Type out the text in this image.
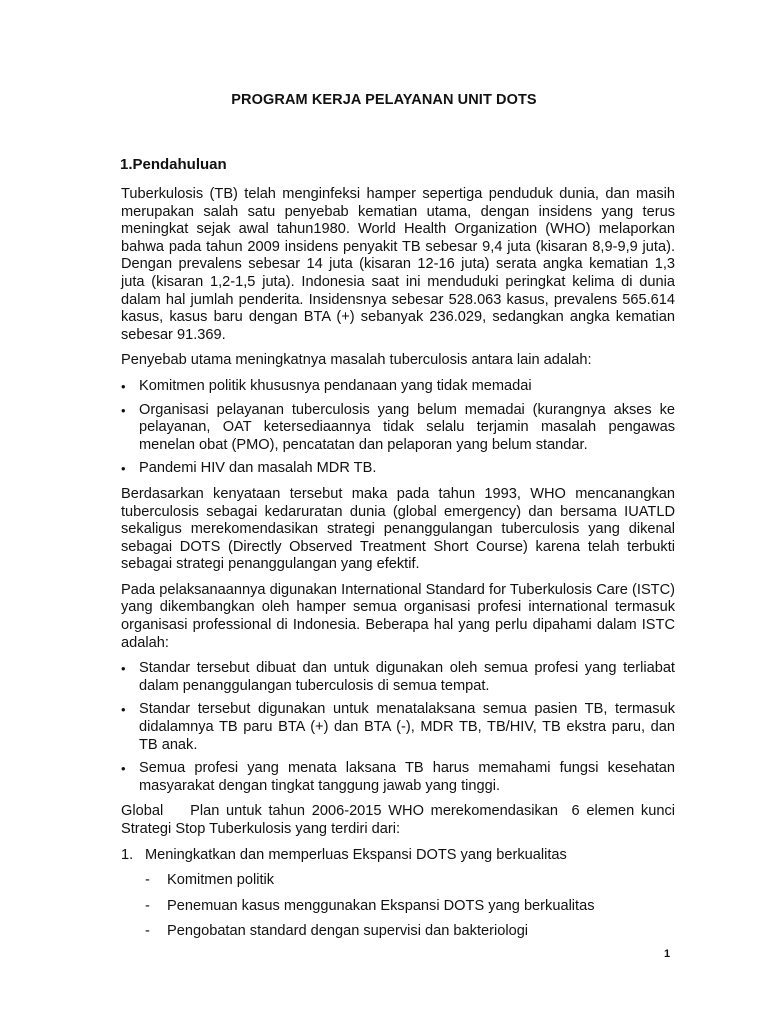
PROGRAM KERJA PELAYANAN UNIT DOTS
1.Pendahuluan

Tuberkulosis (TB) telah menginfeksi hamper sepertiga penduduk dunia, dan masih merupakan salah satu penyebab kematian utama, dengan insidens yang terus meningkat sejak awal tahun1980. World Health Organization (WHO) melaporkan bahwa pada tahun 2009 insidens penyakit TB sebesar 9,4 juta (kisaran 8,9-9,9 juta). Dengan prevalens sebesar 14 juta (kisaran 12-16 juta) serata angka kematian 1,3 juta (kisaran 1,2-1,5 juta). Indonesia saat ini menduduki peringkat kelima di dunia dalam hal jumlah penderita. Insidensnya sebesar 528.063 kasus, prevalens 565.614 kasus, kasus baru dengan BTA (+) sebanyak 236.029, sedangkan angka kematian sebesar 91.369.

Penyebab utama meningkatnya masalah tuberculosis antara lain adalah:

• Komitmen politik khususnya pendanaan yang tidak memadai
• Organisasi pelayanan tuberculosis yang belum memadai (kurangnya akses ke pelayanan, OAT ketersediaannya tidak selalu terjamin masalah pengawas menelan obat (PMO), pencatatan dan pelaporan yang belum standar.
• Pandemi HIV dan masalah MDR TB.

Berdasarkan kenyataan tersebut maka pada tahun 1993, WHO mencanangkan tuberculosis sebagai kedaruratan dunia (global emergency) dan bersama IUATLD sekaligus merekomendasikan strategi penanggulangan tuberculosis yang dikenal sebagai DOTS (Directly Observed Treatment Short Course) karena telah terbukti sebagai strategi penanggulangan yang efektif.

Pada pelaksanaannya digunakan International Standard for Tuberkulosis Care (ISTC) yang dikembangkan oleh hamper semua organisasi profesi international termasuk organisasi professional di Indonesia. Beberapa hal yang perlu dipahami dalam ISTC adalah:

• Standar tersebut dibuat dan untuk digunakan oleh semua profesi yang terliabat dalam penanggulangan tuberculosis di semua tempat.
• Standar tersebut digunakan untuk menatalaksana semua pasien TB, termasuk didalamnya TB paru BTA (+) dan BTA (-), MDR TB, TB/HIV, TB ekstra paru, dan TB anak.
• Semua profesi yang menata laksana TB harus memahami fungsi kesehatan masyarakat dengan tingkat tanggung jawab yang tinggi.

Global    Plan untuk tahun 2006-2015 WHO merekomendasikan  6 elemen kunci Strategi Stop Tuberkulosis yang terdiri dari:

1. Meningkatkan dan memperluas Ekspansi DOTS yang berkualitas
- Komitmen politik
- Penemuan kasus menggunakan Ekspansi DOTS yang berkualitas
- Pengobatan standard dengan supervisi dan bakteriologi
1
